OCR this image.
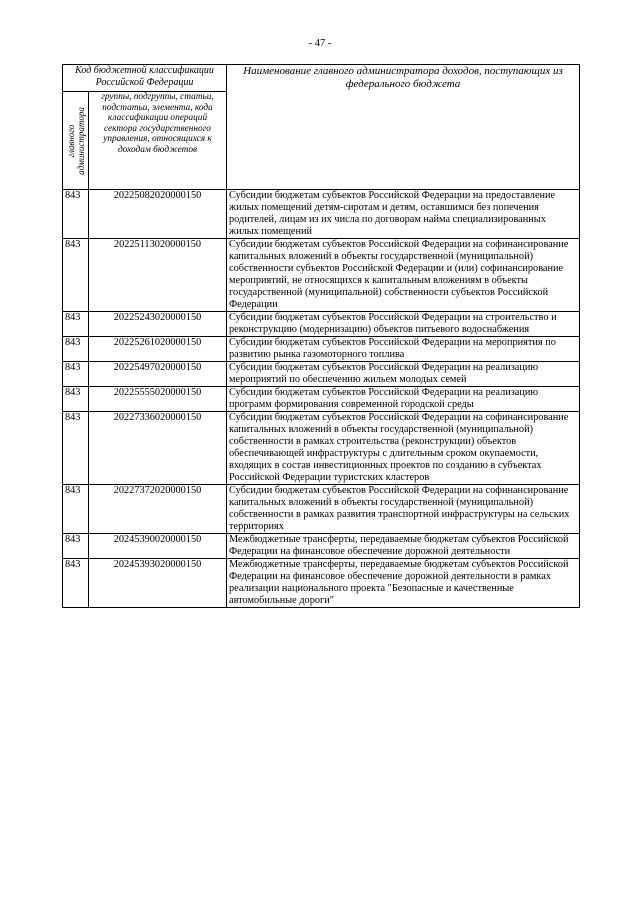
- 47 -
Код бюджетной классификации Российской Федерации		Наименование главного администратора доходов, поступающих из федерального бюджета

главного администратора	группы, подгруппы, статьи, подстатьи, элемента, кода классификации операций сектора государственного управления, относящихся к доходам бюджетов	
843	20225082020000150	Субсидии бюджетам субъектов Российской Федерации на предоставление жилых помещений детям-сиротам и детям, оставшимся без попечения родителей, лицам из их числа по договорам найма специализированных жилых помещений
843	20225113020000150	Субсидии бюджетам субъектов Российской Федерации на софинансирование капитальных вложений в объекты государственной (муниципальной) собственности субъектов Российской Федерации и (или) софинансирование мероприятий, не относящихся к капитальным вложениям в объекты государственной (муниципальной) собственности субъектов Российской Федерации
843	20225243020000150	Субсидии бюджетам субъектов Российской Федерации на строительство и реконструкцию (модернизацию) объектов питьевого водоснабжения
843	20225261020000150	Субсидии бюджетам субъектов Российской Федерации на мероприятия по развитию рынка газомоторного топлива
843	20225497020000150	Субсидии бюджетам субъектов Российской Федерации на реализацию мероприятий по обеспечению жильем молодых семей
843	20225555020000150	Субсидии бюджетам субъектов Российской Федерации на реализацию программ формирования современной городской среды
843	20227336020000150	Субсидии бюджетам субъектов Российской Федерации на софинансирование капитальных вложений в объекты государственной (муниципальной) собственности в рамках строительства (реконструкции) объектов обеспечивающей инфраструктуры с длительным сроком окупаемости, входящих в состав инвестиционных проектов по созданию в субъектах Российской Федерации туристских кластеров
843	20227372020000150	Субсидии бюджетам субъектов Российской Федерации на софинансирование капитальных вложений в объекты государственной (муниципальной) собственности в рамках развития транспортной инфраструктуры на сельских территориях
843	20245390020000150	Межбюджетные трансферты, передаваемые бюджетам субъектов Российской Федерации на финансовое обеспечение дорожной деятельности
843	20245393020000150	Межбюджетные трансферты, передаваемые бюджетам субъектов Российской Федерации на финансовое обеспечение дорожной деятельности в рамках реализации национального проекта "Безопасные и качественные автомобильные дороги"
